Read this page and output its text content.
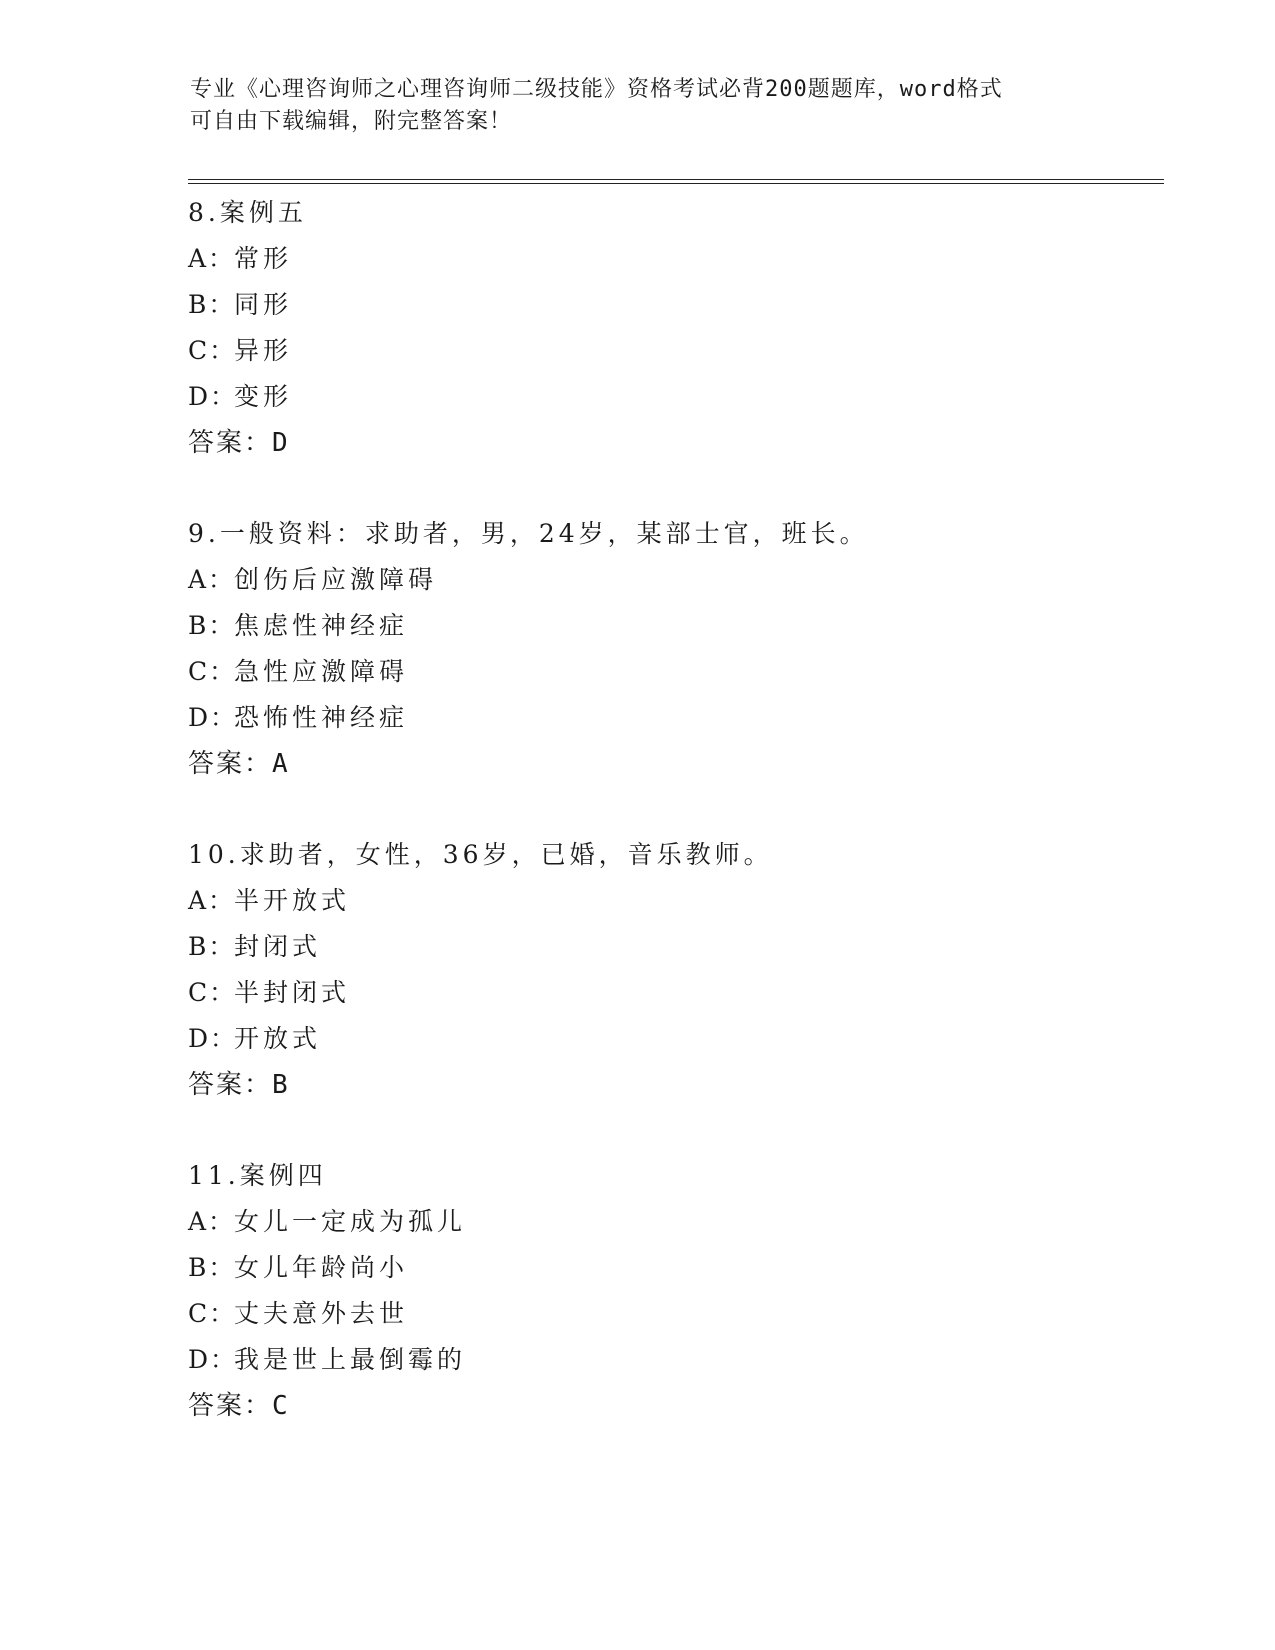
专业《心理咨询师之心理咨询师二级技能》资格考试必背200题题库，word格式

可自由下载编辑，附完整答案！

8.案例五
A：常形
B：同形
C：异形
D：变形
答案：D
9.一般资料：求助者，男，24岁，某部士官，班长。
A：创伤后应激障碍
B：焦虑性神经症
C：急性应激障碍
D：恐怖性神经症
答案：A
10.求助者，女性，36岁，已婚，音乐教师。
A：半开放式
B：封闭式
C：半封闭式
D：开放式
答案：B
11.案例四
A：女儿一定成为孤儿
B：女儿年龄尚小
C：丈夫意外去世
D：我是世上最倒霉的
答案：C
